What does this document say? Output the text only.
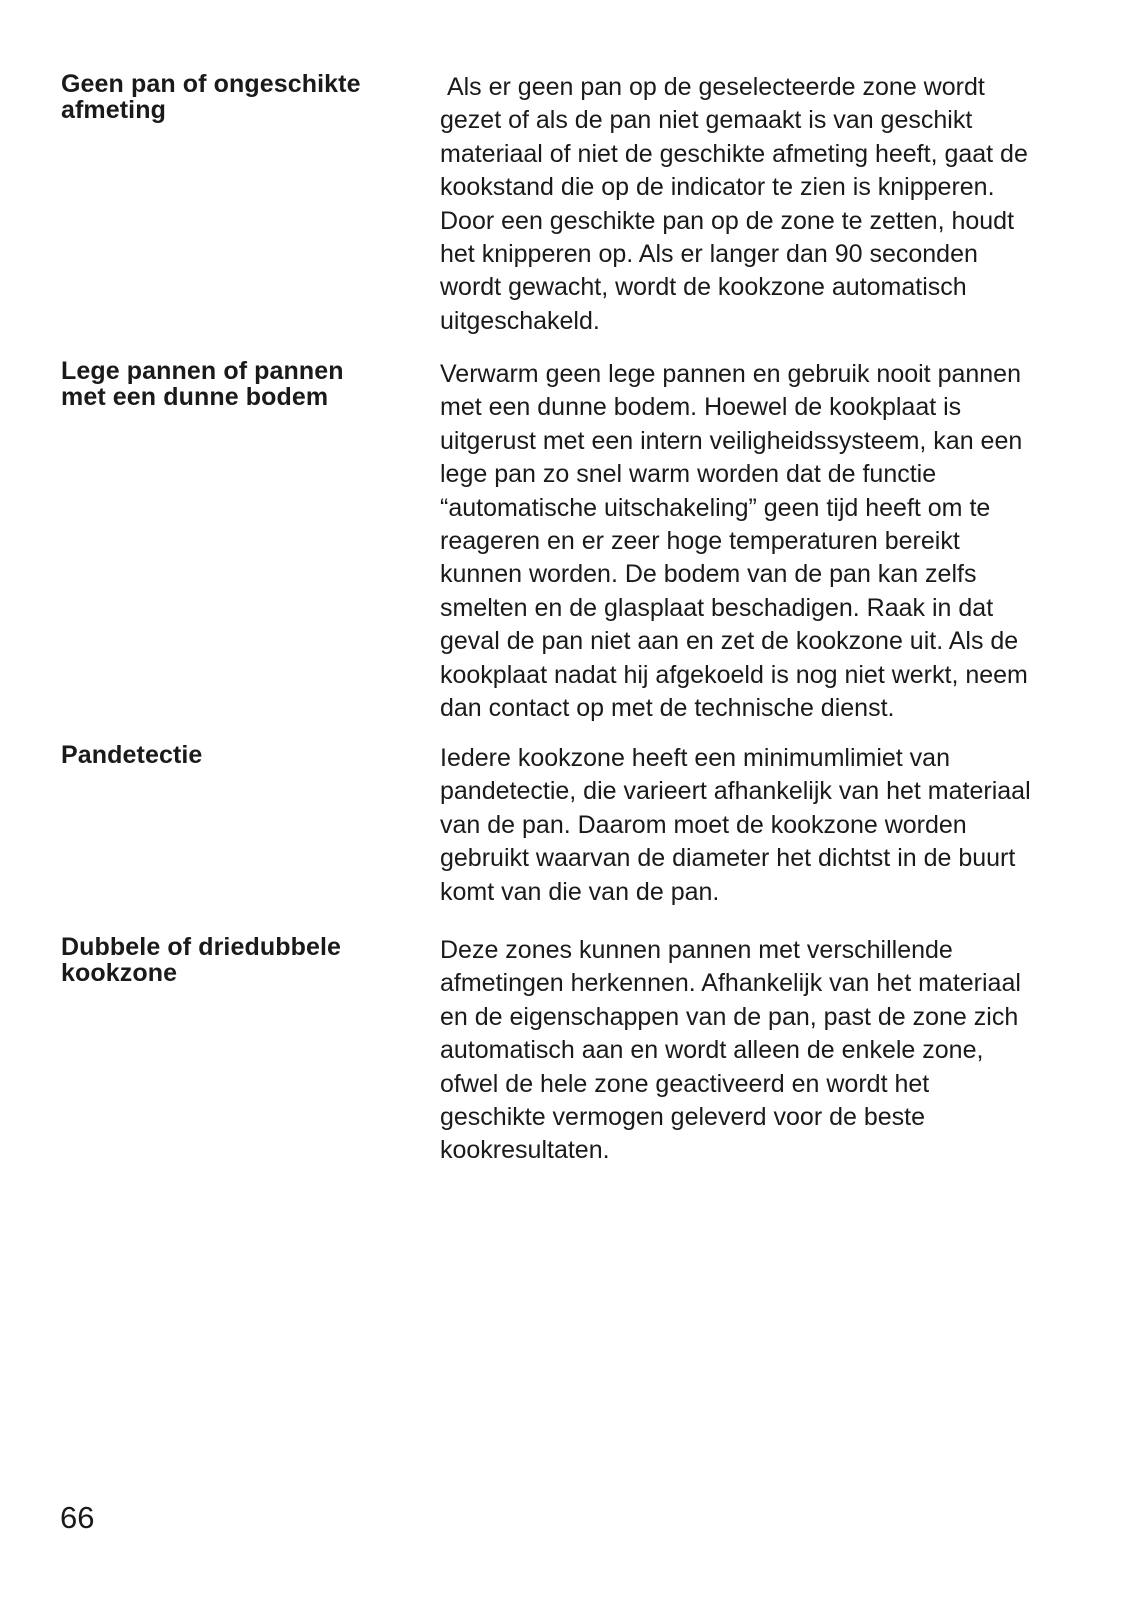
Geen pan of ongeschikte
afmeting
Als er geen pan op de geselecteerde zone wordt
gezet of als de pan niet gemaakt is van geschikt
materiaal of niet de geschikte afmeting heeft, gaat de
kookstand die op de indicator te zien is knipperen.
Door een geschikte pan op de zone te zetten, houdt
het knipperen op. Als er langer dan 90 seconden
wordt gewacht, wordt de kookzone automatisch
uitgeschakeld.
Lege pannen of pannen
met een dunne bodem
Verwarm geen lege pannen en gebruik nooit pannen
met een dunne bodem. Hoewel de kookplaat is
uitgerust met een intern veiligheidssysteem, kan een
lege pan zo snel warm worden dat de functie
“automatische uitschakeling” geen tijd heeft om te
reageren en er zeer hoge temperaturen bereikt
kunnen worden. De bodem van de pan kan zelfs
smelten en de glasplaat beschadigen. Raak in dat
geval de pan niet aan en zet de kookzone uit. Als de
kookplaat nadat hij afgekoeld is nog niet werkt, neem
dan contact op met de technische dienst.
Pandetectie	Iedere kookzone heeft een minimumlimiet van
pandetectie, die varieert afhankelijk van het materiaal
van de pan. Daarom moet de kookzone worden
gebruikt waarvan de diameter het dichtst in de buurt
komt van die van de pan.
Dubbele of driedubbele
kookzone
Deze zones kunnen pannen met verschillende
afmetingen herkennen. Afhankelijk van het materiaal
en de eigenschappen van de pan, past de zone zich
automatisch aan en wordt alleen de enkele zone,
ofwel de hele zone geactiveerd en wordt het
geschikte vermogen geleverd voor de beste
kookresultaten.
66
